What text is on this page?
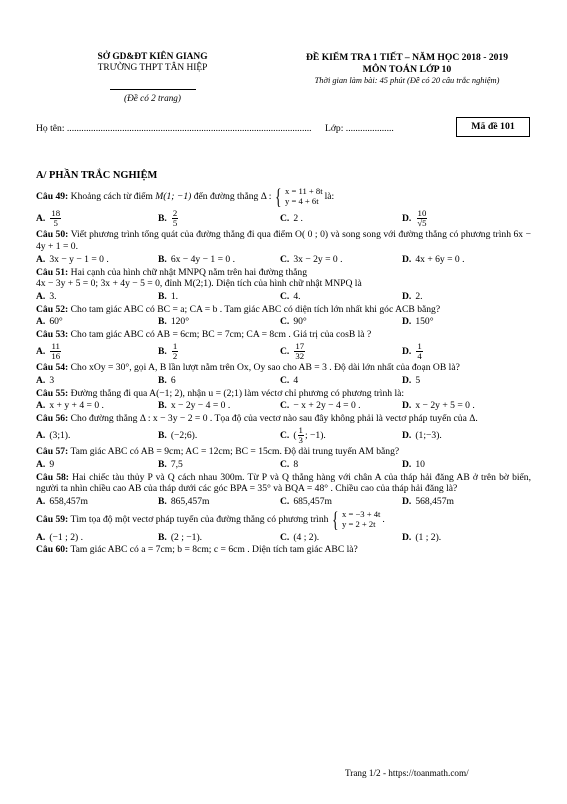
SỞ GD&ĐT KIÊN GIANG
TRƯỜNG THPT TÂN HIỆP
(Đề có 2 trang)
ĐỀ KIỂM TRA 1 TIẾT – NĂM HỌC 2018 - 2019
MÔN TOÁN LỚP 10
Thời gian làm bài: 45 phút (Đề có 20 câu trắc nghiệm)
Họ tên: ...................................................................................................... Lớp: ....................	Mã đề 101
A/ PHẦN TRẮC NGHIỆM
Câu 49: Khoảng cách từ điểm M(1; −1) đến đường thẳng Δ : { x = 11 + 8t
y = 4 + 6t là:
A. $\frac{18}{5}$	B. $\frac{2}{5}$	C. 2 .	D. $\frac{10}{√5}$
Câu 50: Viết phương trình tổng quát của đường thẳng đi qua điểm O( 0 ; 0) và song song với đường thẳng có phương trình 6x − 4y + 1 = 0.
A. 3x − y − 1 = 0 .	B. 6x − 4y − 1 = 0 .	C. 3x − 2y = 0 .	D. 4x + 6y = 0 .
Câu 51: Hai cạnh của hình chữ nhật MNPQ nằm trên hai đường thẳng
4x − 3y + 5 = 0; 3x + 4y − 5 = 0, đỉnh M(2;1). Diện tích của hình chữ nhật MNPQ là
A. 3.	B. 1.	C. 4.	D. 2.
Câu 52: Cho tam giác ABC có BC = a; CA = b . Tam giác ABC có diện tích lớn nhất khi góc ACB bằng?
A. 60°	B. 120°	C. 90°	D. 150°
Câu 53: Cho tam giác ABC có AB = 6cm; BC = 7cm; CA = 8cm . Giá trị của cosB là ?
A. $\frac{11}{16}$	B. $\frac{1}{2}$	C. $\frac{17}{32}$	D. $\frac{1}{4}$
Câu 54: Cho xOy = 30°, gọi A, B lần lượt nằm trên Ox, Oy sao cho AB = 3 . Độ dài lớn nhất của đoạn OB là?
A. 3	B. 6	C. 4	D. 5
Câu 55: Đường thẳng đi qua A(−1; 2), nhận u = (2;1) làm véctơ chỉ phương có phương trình là:
A. x + y + 4 = 0 .	B. x − 2y − 4 = 0 .	C. − x + 2y − 4 = 0 .	D. x − 2y + 5 = 0 .
Câu 56: Cho đường thẳng Δ : x − 3y − 2 = 0 . Tọa độ của vectơ nào sau đây không phải là vectơ pháp tuyến của Δ.
A. (3;1).	B. (−2;6).	C. ( $\frac{1}{3}$ ; −1).	D. (1;−3).
Câu 57: Tam giác ABC có AB = 9cm; AC = 12cm; BC = 15cm. Độ dài trung tuyến AM bằng?
A. 9	B. 7,5	C. 8	D. 10
Câu 58: Hai chiếc tàu thủy P và Q cách nhau 300m. Từ P và Q thẳng hàng với chân A của tháp hải đăng AB ở trên bờ biển, người ta nhìn chiều cao AB của tháp dưới các góc BPA = 35° và BQA = 48° . Chiều cao của tháp hải đăng là?
A. 658,457m	B. 865,457m	C. 685,457m	D. 568,457m
Câu 59: Tìm tọa độ một vectơ pháp tuyến của đường thẳng có phương trình { x = −3 + 4t
y = 2 + 2t .
A. (−1 ; 2) .	B. (2 ; −1).	C. (4 ; 2).	D. (1 ; 2).
Câu 60: Tam giác ABC có a = 7cm; b = 8cm; c = 6cm . Diện tích tam giác ABC là?
Trang 1/2 - https://toanmath.com/
